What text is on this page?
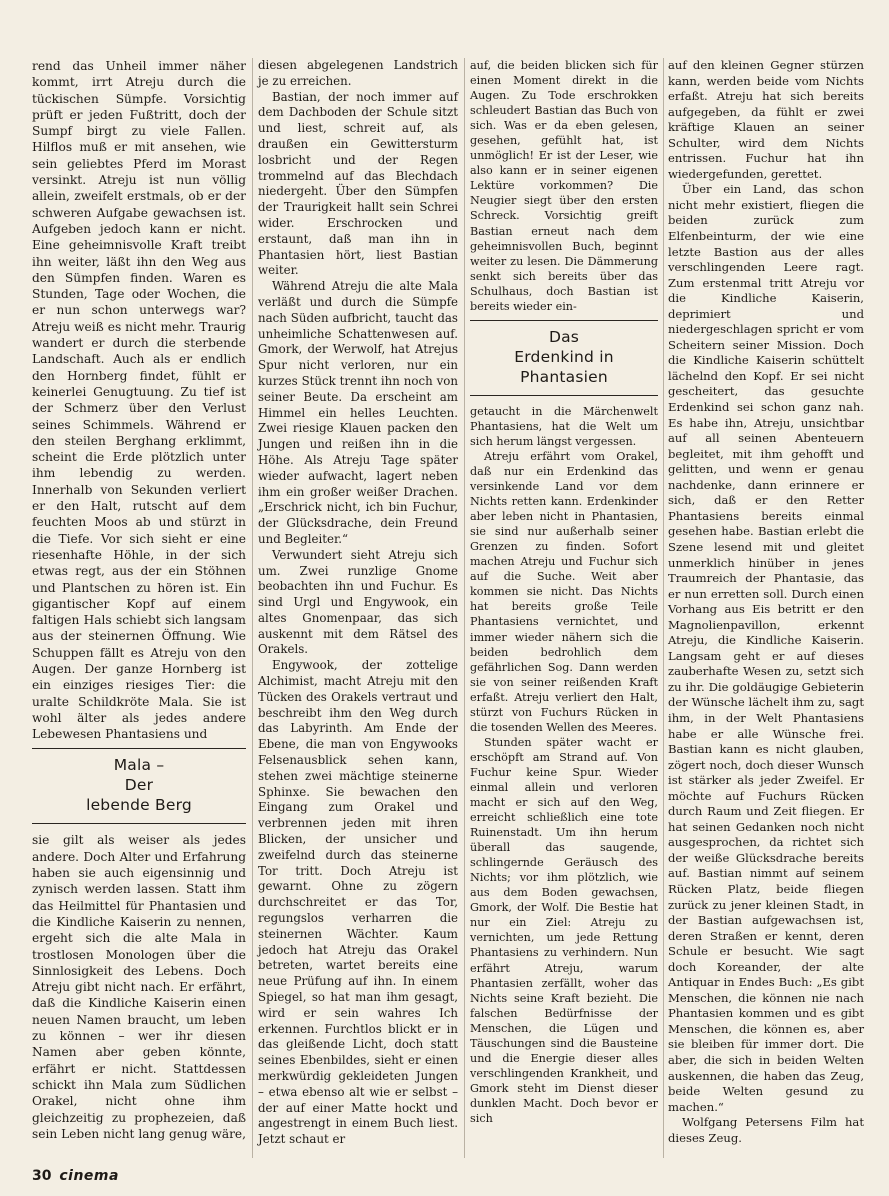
rend das Unheil immer näher kommt, irrt Atreju durch die tückischen Sümpfe. Vorsichtig prüft er jeden Fußtritt, doch der Sumpf birgt zu viele Fallen. Hilflos muß er mit ansehen, wie sein geliebtes Pferd im Morast versinkt. Atreju ist nun völlig allein, zweifelt erstmals, ob er der schweren Aufgabe gewachsen ist. Aufgeben jedoch kann er nicht. Eine geheimnisvolle Kraft treibt ihn weiter, läßt ihn den Weg aus den Sümpfen finden. Waren es Stunden, Tage oder Wochen, die er nun schon unterwegs war? Atreju weiß es nicht mehr. Traurig wandert er durch die sterbende Landschaft. Auch als er endlich den Hornberg findet, fühlt er keinerlei Genugtuung. Zu tief ist der Schmerz über den Verlust seines Schimmels. Während er den steilen Berghang erklimmt, scheint die Erde plötzlich unter ihm lebendig zu werden. Innerhalb von Sekunden verliert er den Halt, rutscht auf dem feuchten Moos ab und stürzt in die Tiefe. Vor sich sieht er eine riesenhafte Höhle, in der sich etwas regt, aus der ein Stöhnen und Plantschen zu hören ist. Ein gigantischer Kopf auf einem faltigen Hals schiebt sich langsam aus der steinernen Öffnung. Wie Schuppen fällt es Atreju von den Augen. Der ganze Hornberg ist ein einziges riesiges Tier: die uralte Schildkröte Mala. Sie ist wohl älter als jedes andere Lebewesen Phantasiens und

Mala –
Der
lebende Berg

sie gilt als weiser als jedes andere. Doch Alter und Erfahrung haben sie auch eigensinnig und zynisch werden lassen. Statt ihm das Heilmittel für Phantasien und die Kindliche Kaiserin zu nennen, ergeht sich die alte Mala in trostlosen Monologen über die Sinnlosigkeit des Lebens. Doch Atreju gibt nicht nach. Er erfährt, daß die Kindliche Kaiserin einen neuen Namen braucht, um leben zu können – wer ihr diesen Namen aber geben könnte, erfährt er nicht. Stattdessen schickt ihn Mala zum Südlichen Orakel, nicht ohne ihm gleichzeitig zu prophezeien, daß sein Leben nicht lang genug wäre,

diesen abgelegenen Landstrich je zu erreichen.

Bastian, der noch immer auf dem Dachboden der Schule sitzt und liest, schreit auf, als draußen ein Gewittersturm losbricht und der Regen trommelnd auf das Blechdach niedergeht. Über den Sümpfen der Traurigkeit hallt sein Schrei wider. Erschrocken und erstaunt, daß man ihn in Phantasien hört, liest Bastian weiter.

Während Atreju die alte Mala verläßt und durch die Sümpfe nach Süden aufbricht, taucht das unheimliche Schattenwesen auf. Gmork, der Werwolf, hat Atrejus Spur nicht verloren, nur ein kurzes Stück trennt ihn noch von seiner Beute. Da erscheint am Himmel ein helles Leuchten. Zwei riesige Klauen packen den Jungen und reißen ihn in die Höhe. Als Atreju Tage später wieder aufwacht, lagert neben ihm ein großer weißer Drachen. „Erschrick nicht, ich bin Fuchur, der Glücksdrache, dein Freund und Begleiter.“

Verwundert sieht Atreju sich um. Zwei runzlige Gnome beobachten ihn und Fuchur. Es sind Urgl und Engywook, ein altes Gnomenpaar, das sich auskennt mit dem Rätsel des Orakels.

Engywook, der zottelige Alchimist, macht Atreju mit den Tücken des Orakels vertraut und beschreibt ihm den Weg durch das Labyrinth. Am Ende der Ebene, die man von Engywooks Felsenausblick sehen kann, stehen zwei mächtige steinerne Sphinxe. Sie bewachen den Eingang zum Orakel und verbrennen jeden mit ihren Blicken, der unsicher und zweifelnd durch das steinerne Tor tritt. Doch Atreju ist gewarnt. Ohne zu zögern durchschreitet er das Tor, regungslos verharren die steinernen Wächter. Kaum jedoch hat Atreju das Orakel betreten, wartet bereits eine neue Prüfung auf ihn. In einem Spiegel, so hat man ihm gesagt, wird er sein wahres Ich erkennen. Furchtlos blickt er in das gleißende Licht, doch statt seines Ebenbildes, sieht er einen merkwürdig gekleideten Jungen – etwa ebenso alt wie er selbst – der auf einer Matte hockt und angestrengt in einem Buch liest. Jetzt schaut er

auf, die beiden blicken sich für einen Moment direkt in die Augen. Zu Tode erschrokken schleudert Bastian das Buch von sich. Was er da eben gelesen, gesehen, gefühlt hat, ist unmöglich! Er ist der Leser, wie also kann er in seiner eigenen Lektüre vorkommen? Die Neugier siegt über den ersten Schreck. Vorsichtig greift Bastian erneut nach dem geheimnisvollen Buch, beginnt weiter zu lesen. Die Dämmerung senkt sich bereits über das Schulhaus, doch Bastian ist bereits wieder ein-

Das
Erdenkind in
Phantasien

getaucht in die Märchenwelt Phantasiens, hat die Welt um sich herum längst vergessen.

Atreju erfährt vom Orakel, daß nur ein Erdenkind das versinkende Land vor dem Nichts retten kann. Erdenkinder aber leben nicht in Phantasien, sie sind nur außerhalb seiner Grenzen zu finden. Sofort machen Atreju und Fuchur sich auf die Suche. Weit aber kommen sie nicht. Das Nichts hat bereits große Teile Phantasiens vernichtet, und immer wieder nähern sich die beiden bedrohlich dem gefährlichen Sog. Dann werden sie von seiner reißenden Kraft erfaßt. Atreju verliert den Halt, stürzt von Fuchurs Rücken in die tosenden Wellen des Meeres.

Stunden später wacht er erschöpft am Strand auf. Von Fuchur keine Spur. Wieder einmal allein und verloren macht er sich auf den Weg, erreicht schließlich eine tote Ruinenstadt. Um ihn herum überall das saugende, schlingernde Geräusch des Nichts; vor ihm plötzlich, wie aus dem Boden gewachsen, Gmork, der Wolf. Die Bestie hat nur ein Ziel: Atreju zu vernichten, um jede Rettung Phantasiens zu verhindern. Nun erfährt Atreju, warum Phantasien zerfällt, woher das Nichts seine Kraft bezieht. Die falschen Bedürfnisse der Menschen, die Lügen und Täuschungen sind die Bausteine und die Energie dieser alles verschlingenden Krankheit, und Gmork steht im Dienst dieser dunklen Macht. Doch bevor er sich

auf den kleinen Gegner stürzen kann, werden beide vom Nichts erfaßt. Atreju hat sich bereits aufgegeben, da fühlt er zwei kräftige Klauen an seiner Schulter, wird dem Nichts entrissen. Fuchur hat ihn wiedergefunden, gerettet.

Über ein Land, das schon nicht mehr existiert, fliegen die beiden zurück zum Elfenbeinturm, der wie eine letzte Bastion aus der alles verschlingenden Leere ragt. Zum erstenmal tritt Atreju vor die Kindliche Kaiserin, deprimiert und niedergeschlagen spricht er vom Scheitern seiner Mission. Doch die Kindliche Kaiserin schüttelt lächelnd den Kopf. Er sei nicht gescheitert, das gesuchte Erdenkind sei schon ganz nah. Es habe ihn, Atreju, unsichtbar auf all seinen Abenteuern begleitet, mit ihm gehofft und gelitten, und wenn er genau nachdenke, dann erinnere er sich, daß er den Retter Phantasiens bereits einmal gesehen habe. Bastian erlebt die Szene lesend mit und gleitet unmerklich hinüber in jenes Traumreich der Phantasie, das er nun erretten soll. Durch einen Vorhang aus Eis betritt er den Magnolienpavillon, erkennt Atreju, die Kindliche Kaiserin. Langsam geht er auf dieses zauberhafte Wesen zu, setzt sich zu ihr. Die goldäugige Gebieterin der Wünsche lächelt ihm zu, sagt ihm, in der Welt Phantasiens habe er alle Wünsche frei. Bastian kann es nicht glauben, zögert noch, doch dieser Wunsch ist stärker als jeder Zweifel. Er möchte auf Fuchurs Rücken durch Raum und Zeit fliegen. Er hat seinen Gedanken noch nicht ausgesprochen, da richtet sich der weiße Glücksdrache bereits auf. Bastian nimmt auf seinem Rücken Platz, beide fliegen zurück zu jener kleinen Stadt, in der Bastian aufgewachsen ist, deren Straßen er kennt, deren Schule er besucht. Wie sagt doch Koreander, der alte Antiquar in Endes Buch: „Es gibt Menschen, die können nie nach Phantasien kommen und es gibt Menschen, die können es, aber sie bleiben für immer dort. Die aber, die sich in beiden Welten auskennen, die haben das Zeug, beide Welten gesund zu machen.“

Wolfgang Petersens Film hat dieses Zeug.

30 cinema
